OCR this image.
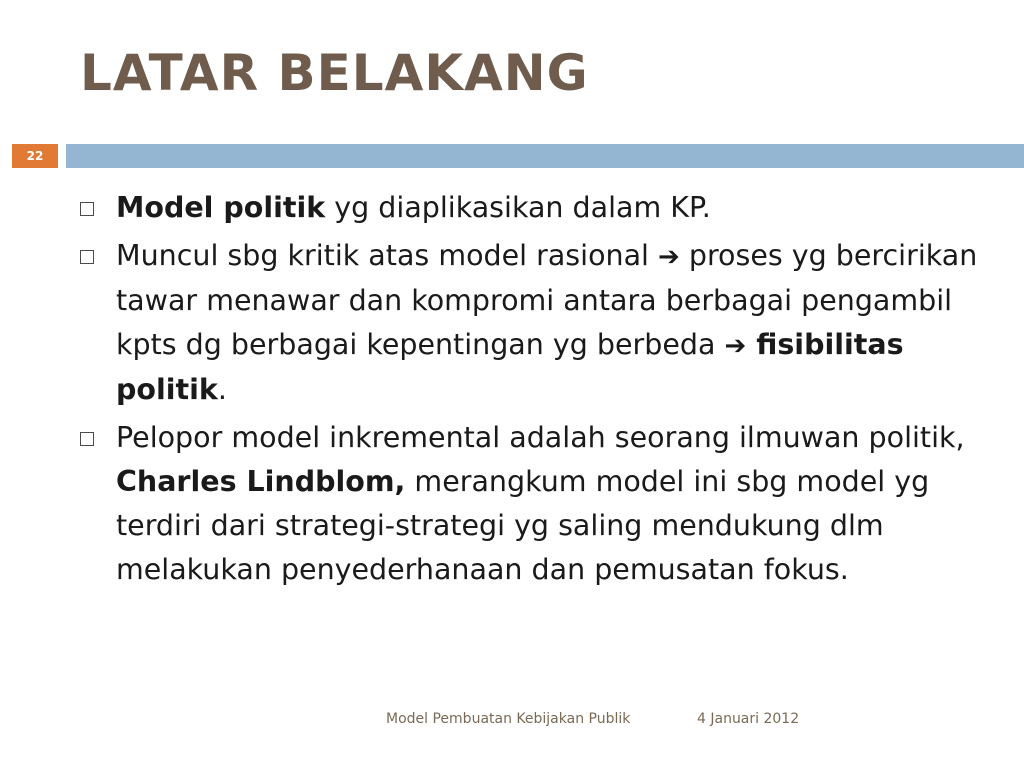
LATAR BELAKANG
22
Model politik yg diaplikasikan dalam KP.
Muncul sbg kritik atas model rasional ➔ proses yg bercirikan tawar menawar dan kompromi antara berbagai pengambil kpts dg berbagai kepentingan yg berbeda ➔ fisibilitas politik.
Pelopor model inkremental adalah seorang ilmuwan politik, Charles Lindblom, merangkum model ini sbg model yg terdiri dari strategi-strategi yg saling mendukung dlm melakukan penyederhanaan dan pemusatan fokus.
Model Pembuatan Kebijakan Publik	4 Januari 2012
